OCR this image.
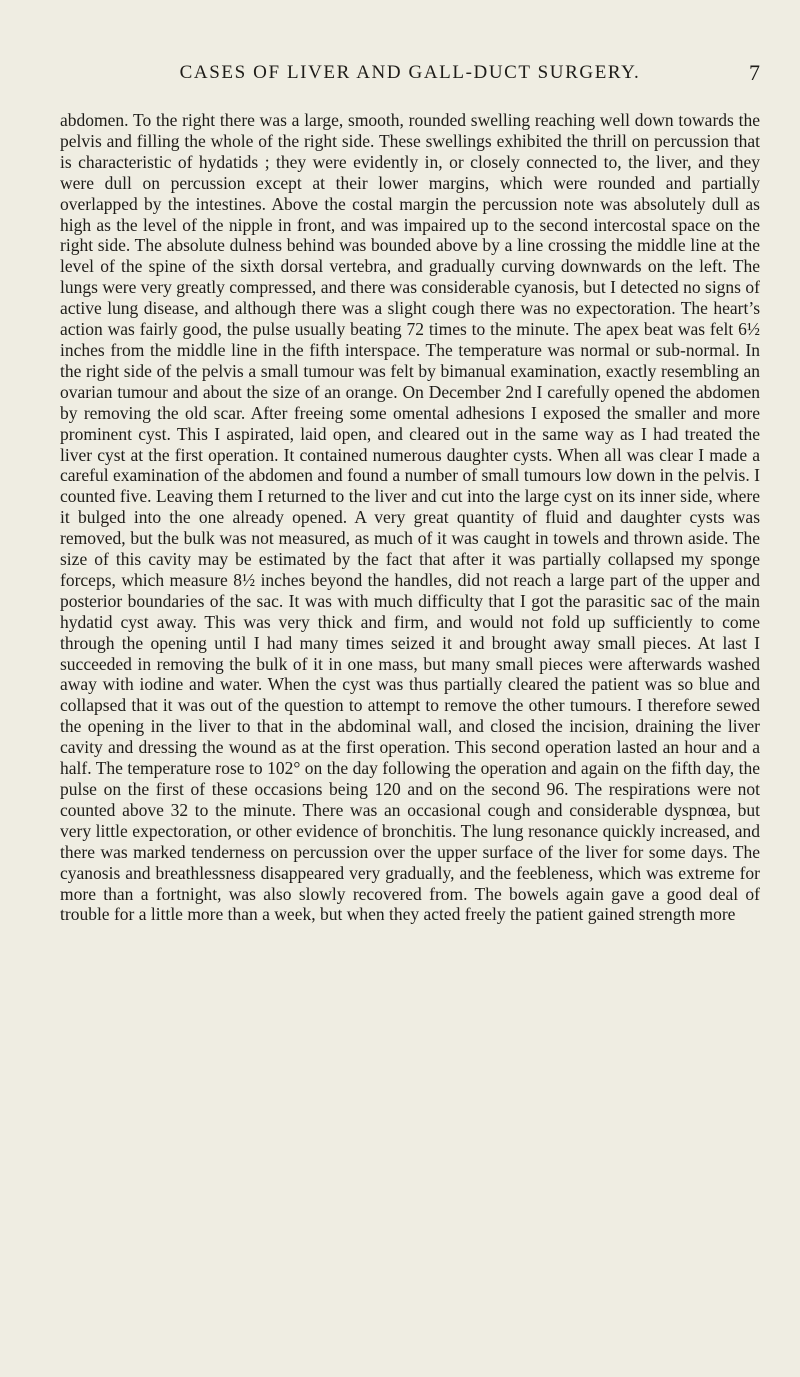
CASES OF LIVER AND GALL-DUCT SURGERY.	7

abdomen. To the right there was a large, smooth, rounded swelling reaching well down towards the pelvis and filling the whole of the right side. These swellings exhibited the thrill on percussion that is characteristic of hydatids ; they were evidently in, or closely connected to, the liver, and they were dull on percussion except at their lower margins, which were rounded and partially overlapped by the intestines. Above the costal margin the percussion note was absolutely dull as high as the level of the nipple in front, and was impaired up to the second intercostal space on the right side. The absolute dulness behind was bounded above by a line crossing the middle line at the level of the spine of the sixth dorsal vertebra, and gradually curving downwards on the left. The lungs were very greatly compressed, and there was considerable cyanosis, but I detected no signs of active lung disease, and although there was a slight cough there was no expectoration. The heart’s action was fairly good, the pulse usually beating 72 times to the minute. The apex beat was felt 6½ inches from the middle line in the fifth interspace. The temperature was normal or sub-normal. In the right side of the pelvis a small tumour was felt by bimanual examination, exactly resembling an ovarian tumour and about the size of an orange. On December 2nd I carefully opened the abdomen by removing the old scar. After freeing some omental adhesions I exposed the smaller and more prominent cyst. This I aspirated, laid open, and cleared out in the same way as I had treated the liver cyst at the first operation. It contained numerous daughter cysts. When all was clear I made a careful examination of the abdomen and found a number of small tumours low down in the pelvis. I counted five. Leaving them I returned to the liver and cut into the large cyst on its inner side, where it bulged into the one already opened. A very great quantity of fluid and daughter cysts was removed, but the bulk was not measured, as much of it was caught in towels and thrown aside. The size of this cavity may be estimated by the fact that after it was partially collapsed my sponge forceps, which measure 8½ inches beyond the handles, did not reach a large part of the upper and posterior boundaries of the sac. It was with much difficulty that I got the parasitic sac of the main hydatid cyst away. This was very thick and firm, and would not fold up sufficiently to come through the opening until I had many times seized it and brought away small pieces. At last I succeeded in removing the bulk of it in one mass, but many small pieces were afterwards washed away with iodine and water. When the cyst was thus partially cleared the patient was so blue and collapsed that it was out of the question to attempt to remove the other tumours. I therefore sewed the opening in the liver to that in the abdominal wall, and closed the incision, draining the liver cavity and dressing the wound as at the first operation. This second operation lasted an hour and a half. The temperature rose to 102° on the day following the operation and again on the fifth day, the pulse on the first of these occasions being 120 and on the second 96. The respirations were not counted above 32 to the minute. There was an occasional cough and considerable dyspnœa, but very little expectoration, or other evidence of bronchitis. The lung resonance quickly increased, and there was marked tenderness on percussion over the upper surface of the liver for some days. The cyanosis and breathlessness disappeared very gradually, and the feebleness, which was extreme for more than a fortnight, was also slowly recovered from. The bowels again gave a good deal of trouble for a little more than a week, but when they acted freely the patient gained strength more
